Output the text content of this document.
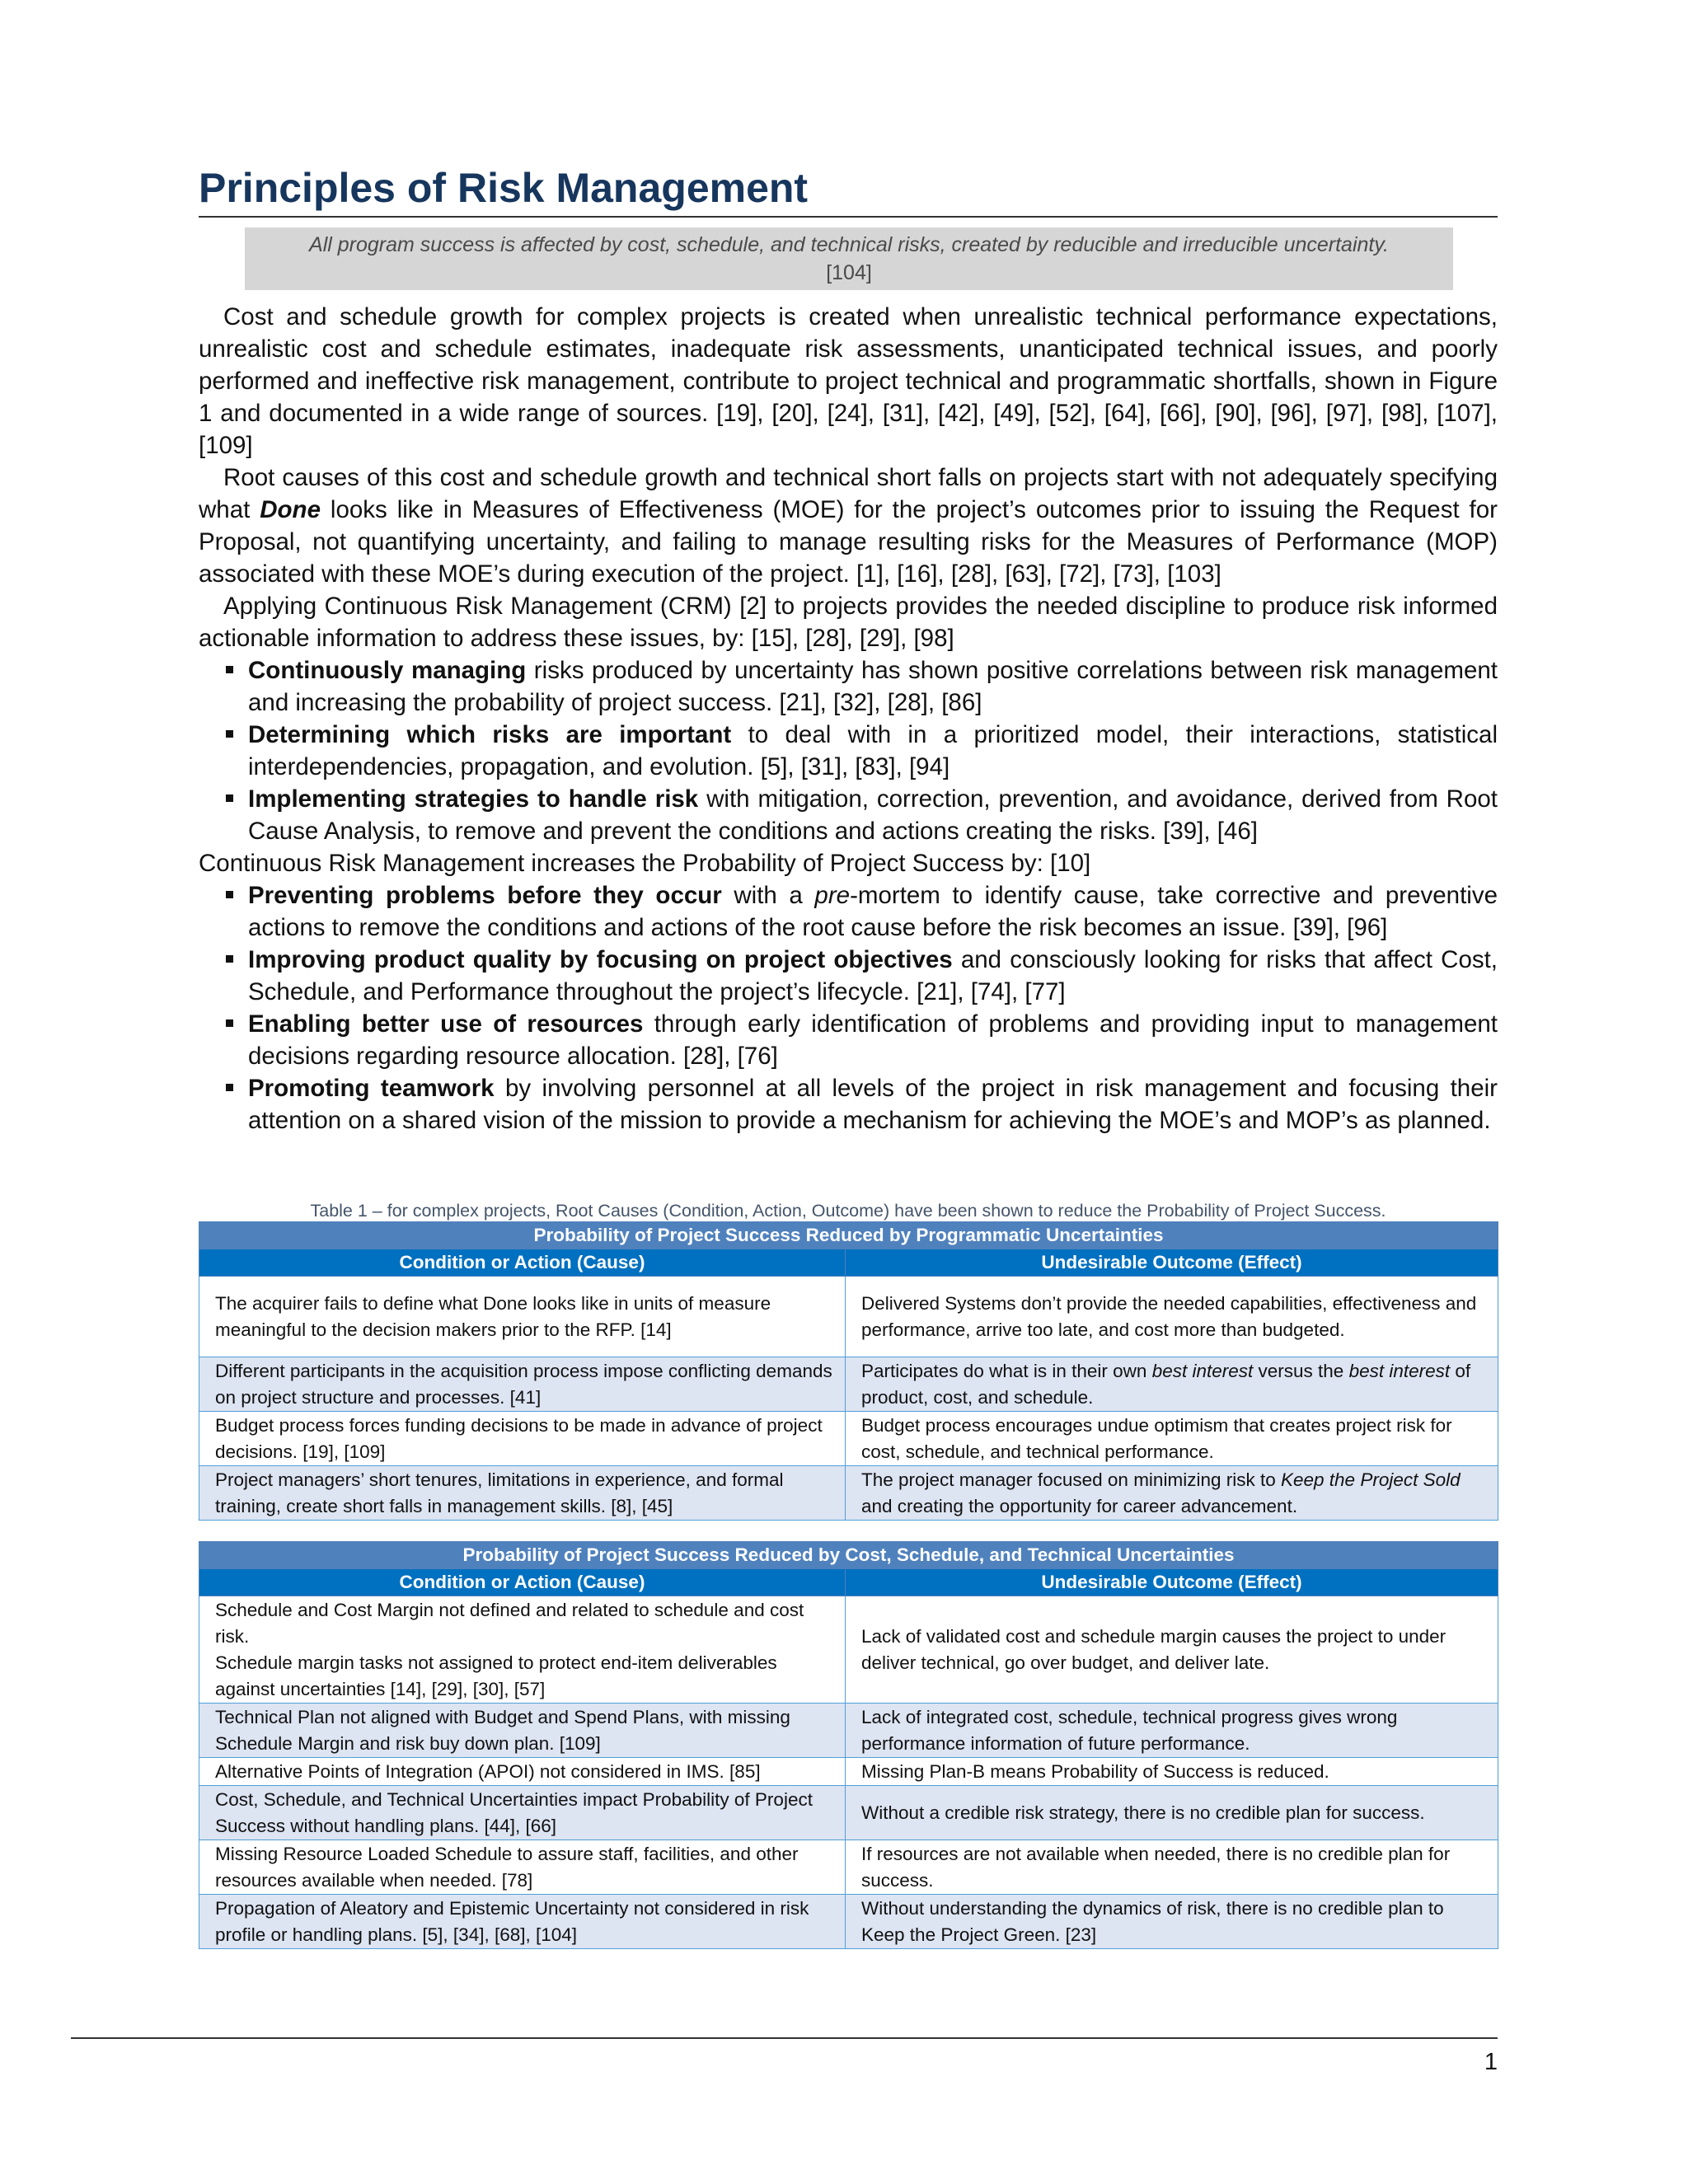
Principles of Risk Management
All program success is affected by cost, schedule, and technical risks, created by reducible and irreducible uncertainty.
[104]

Cost and schedule growth for complex projects is created when unrealistic technical performance expectations, unrealistic cost and schedule estimates, inadequate risk assessments, unanticipated technical issues, and poorly performed and ineffective risk management, contribute to project technical and programmatic shortfalls, shown in Figure 1 and documented in a wide range of sources. [19], [20], [24], [31], [42], [49], [52], [64], [66], [90], [96], [97], [98], [107], [109]

Root causes of this cost and schedule growth and technical short falls on projects start with not adequately specifying what Done looks like in Measures of Effectiveness (MOE) for the project’s outcomes prior to issuing the Request for Proposal, not quantifying uncertainty, and failing to manage resulting risks for the Measures of Performance (MOP) associated with these MOE’s during execution of the project. [1], [16], [28], [63], [72], [73], [103]

Applying Continuous Risk Management (CRM) [2] to projects provides the needed discipline to produce risk informed actionable information to address these issues, by: [15], [28], [29], [98]

Continuously managing risks produced by uncertainty has shown positive correlations between risk management and increasing the probability of project success. [21], [32], [28], [86]
Determining which risks are important to deal with in a prioritized model, their interactions, statistical interdependencies, propagation, and evolution. [5], [31], [83], [94]
Implementing strategies to handle risk with mitigation, correction, prevention, and avoidance, derived from Root Cause Analysis, to remove and prevent the conditions and actions creating the risks. [39], [46]

Continuous Risk Management increases the Probability of Project Success by: [10]

Preventing problems before they occur with a pre-mortem to identify cause, take corrective and preventive actions to remove the conditions and actions of the root cause before the risk becomes an issue. [39], [96]
Improving product quality by focusing on project objectives and consciously looking for risks that affect Cost, Schedule, and Performance throughout the project’s lifecycle. [21], [74], [77]
Enabling better use of resources through early identification of problems and providing input to management decisions regarding resource allocation. [28], [76]
Promoting teamwork by involving personnel at all levels of the project in risk management and focusing their attention on a shared vision of the mission to provide a mechanism for achieving the MOE’s and MOP’s as planned.
Table 1 – for complex projects, Root Causes (Condition, Action, Outcome) have been shown to reduce the Probability of Project Success.
Probability of Project Success Reduced by Programmatic Uncertainties	
Condition or Action (Cause)	Undesirable Outcome (Effect)
The acquirer fails to define what Done looks like in units of measure meaningful to the decision makers prior to the RFP. [14]	Delivered Systems don’t provide the needed capabilities, effectiveness and performance, arrive too late, and cost more than budgeted.
Different participants in the acquisition process impose conflicting demands on project structure and processes. [41]	Participates do what is in their own best interest versus the best interest of product, cost, and schedule.
Budget process forces funding decisions to be made in advance of project decisions. [19], [109]	Budget process encourages undue optimism that creates project risk for cost, schedule, and technical performance.
Project managers’ short tenures, limitations in experience, and formal training, create short falls in management skills. [8], [45]	The project manager focused on minimizing risk to Keep the Project Sold and creating the opportunity for career advancement.
Probability of Project Success Reduced by Cost, Schedule, and Technical Uncertainties	
Condition or Action (Cause)	Undesirable Outcome (Effect)

Schedule and Cost Margin not defined and related to schedule and cost risk.
Schedule margin tasks not assigned to protect end-item deliverables against uncertainties [14], [29], [30], [57]	Lack of validated cost and schedule margin causes the project to under deliver technical, go over budget, and deliver late.
Technical Plan not aligned with Budget and Spend Plans, with missing Schedule Margin and risk buy down plan. [109]	Lack of integrated cost, schedule, technical progress gives wrong performance information of future performance.
Alternative Points of Integration (APOI) not considered in IMS. [85]	Missing Plan-B means Probability of Success is reduced.
Cost, Schedule, and Technical Uncertainties impact Probability of Project Success without handling plans. [44], [66]	Without a credible risk strategy, there is no credible plan for success.
Missing Resource Loaded Schedule to assure staff, facilities, and other resources available when needed. [78]	If resources are not available when needed, there is no credible plan for success.
Propagation of Aleatory and Epistemic Uncertainty not considered in risk profile or handling plans. [5], [34], [68], [104]	Without understanding the dynamics of risk, there is no credible plan to Keep the Project Green. [23]
1
